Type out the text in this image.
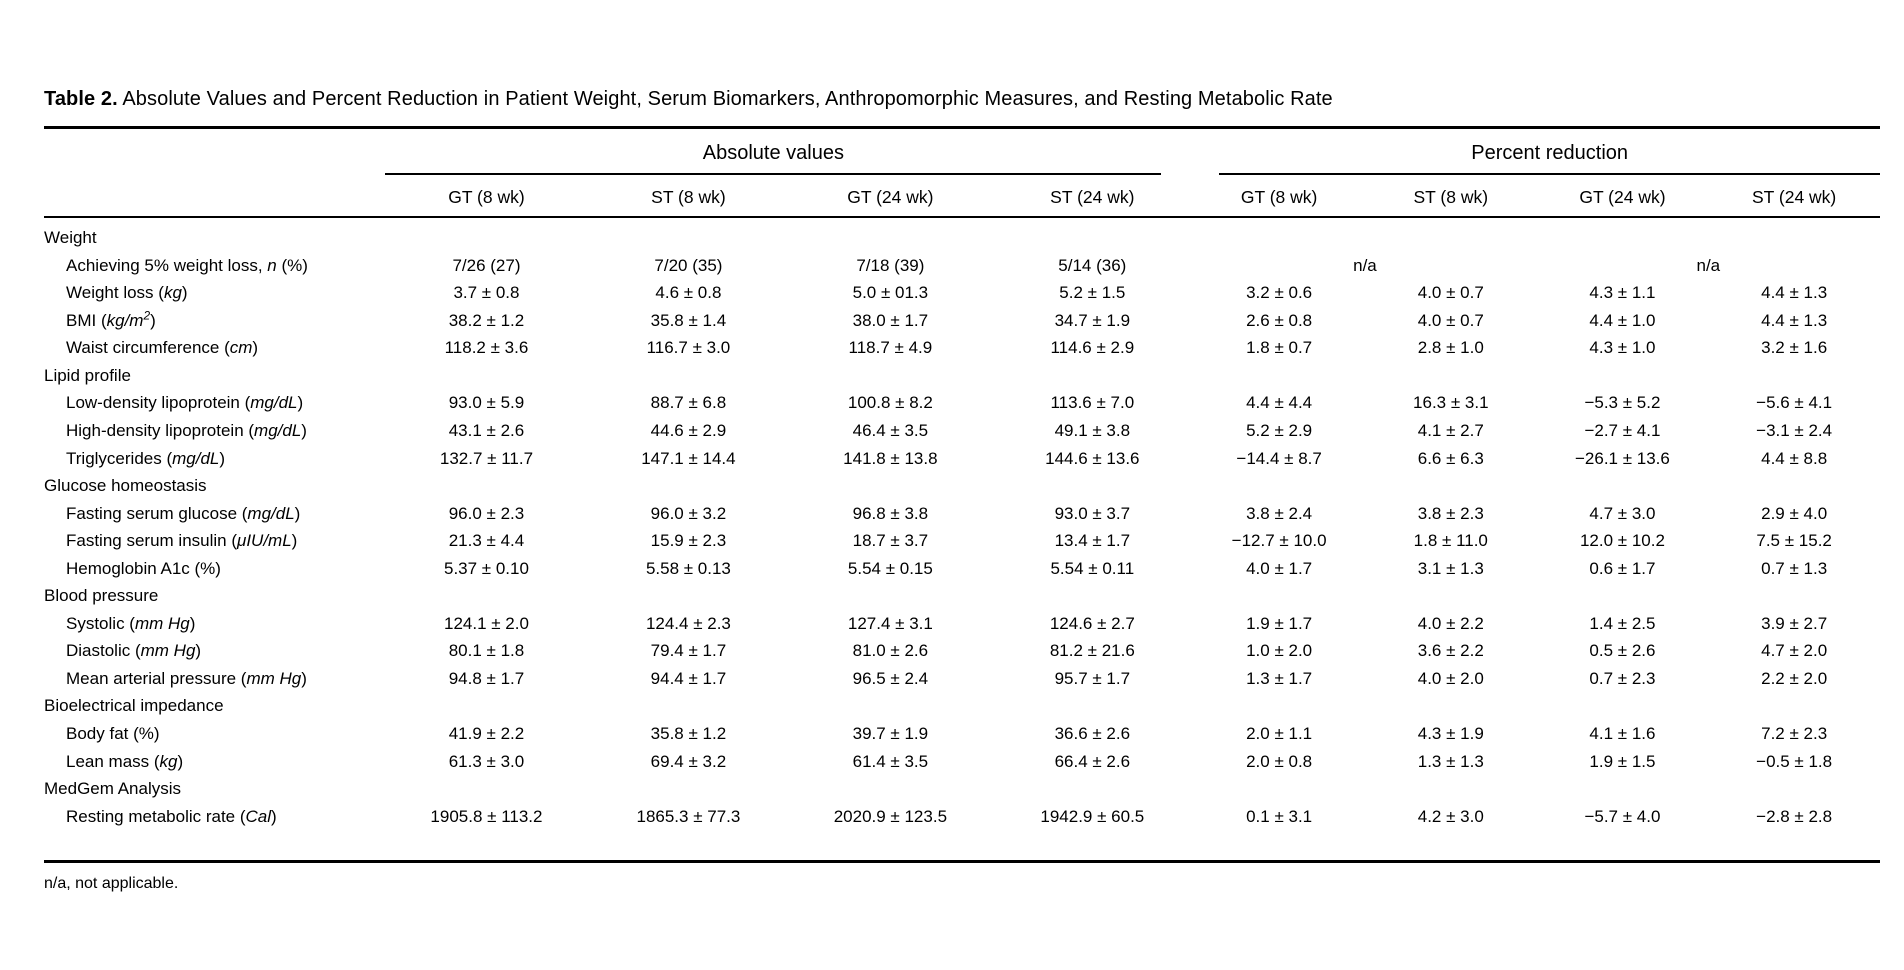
Table 2. Absolute Values and Percent Reduction in Patient Weight, Serum Biomarkers, Anthropomorphic Measures, and Resting Metabolic Rate

	Absolute values				Percent reduction			

	GT (8 wk)	ST (8 wk)	GT (24 wk)	ST (24 wk)	GT (8 wk)	ST (8 wk)	GT (24 wk)	ST (24 wk)
Weight								
Achieving 5% weight loss, n (%)	7/26 (27)	7/20 (35)	7/18 (39)	5/14 (36)	n/a		n/a	
Weight loss (kg)	3.7 ± 0.8	4.6 ± 0.8	5.0 ± 01.3	5.2 ± 1.5	3.2 ± 0.6	4.0 ± 0.7	4.3 ± 1.1	4.4 ± 1.3
BMI $(kg/m^2)$	38.2 ± 1.2	35.8 ± 1.4	38.0 ± 1.7	34.7 ± 1.9	2.6 ± 0.8	4.0 ± 0.7	4.4 ± 1.0	4.4 ± 1.3
Waist circumference (cm)	118.2 ± 3.6	116.7 ± 3.0	118.7 ± 4.9	114.6 ± 2.9	1.8 ± 0.7	2.8 ± 1.0	4.3 ± 1.0	3.2 ± 1.6
Lipid profile								
Low-density lipoprotein (mg/dL)	93.0 ± 5.9	88.7 ± 6.8	100.8 ± 8.2	113.6 ± 7.0	4.4 ± 4.4	16.3 ± 3.1	−5.3 ± 5.2	−5.6 ± 4.1
High-density lipoprotein (mg/dL)	43.1 ± 2.6	44.6 ± 2.9	46.4 ± 3.5	49.1 ± 3.8	5.2 ± 2.9	4.1 ± 2.7	−2.7 ± 4.1	−3.1 ± 2.4
Triglycerides (mg/dL)	132.7 ± 11.7	147.1 ± 14.4	141.8 ± 13.8	144.6 ± 13.6	−14.4 ± 8.7	6.6 ± 6.3	−26.1 ± 13.6	4.4 ± 8.8
Glucose homeostasis								
Fasting serum glucose (mg/dL)	96.0 ± 2.3	96.0 ± 3.2	96.8 ± 3.8	93.0 ± 3.7	3.8 ± 2.4	3.8 ± 2.3	4.7 ± 3.0	2.9 ± 4.0
Fasting serum insulin (μIU/mL)	21.3 ± 4.4	15.9 ± 2.3	18.7 ± 3.7	13.4 ± 1.7	−12.7 ± 10.0	1.8 ± 11.0	12.0 ± 10.2	7.5 ± 15.2
Hemoglobin A1c (%)	5.37 ± 0.10	5.58 ± 0.13	5.54 ± 0.15	5.54 ± 0.11	4.0 ± 1.7	3.1 ± 1.3	0.6 ± 1.7	0.7 ± 1.3
Blood pressure								
Systolic (mm Hg)	124.1 ± 2.0	124.4 ± 2.3	127.4 ± 3.1	124.6 ± 2.7	1.9 ± 1.7	4.0 ± 2.2	1.4 ± 2.5	3.9 ± 2.7
Diastolic (mm Hg)	80.1 ± 1.8	79.4 ± 1.7	81.0 ± 2.6	81.2 ± 21.6	1.0 ± 2.0	3.6 ± 2.2	0.5 ± 2.6	4.7 ± 2.0
Mean arterial pressure (mm Hg)	94.8 ± 1.7	94.4 ± 1.7	96.5 ± 2.4	95.7 ± 1.7	1.3 ± 1.7	4.0 ± 2.0	0.7 ± 2.3	2.2 ± 2.0
Bioelectrical impedance								
Body fat (%)	41.9 ± 2.2	35.8 ± 1.2	39.7 ± 1.9	36.6 ± 2.6	2.0 ± 1.1	4.3 ± 1.9	4.1 ± 1.6	7.2 ± 2.3
Lean mass (kg)	61.3 ± 3.0	69.4 ± 3.2	61.4 ± 3.5	66.4 ± 2.6	2.0 ± 0.8	1.3 ± 1.3	1.9 ± 1.5	−0.5 ± 1.8
MedGem Analysis								
Resting metabolic rate (Cal)	1905.8 ± 113.2	1865.3 ± 77.3	2020.9 ± 123.5	1942.9 ± 60.5	0.1 ± 3.1	4.2 ± 3.0	−5.7 ± 4.0	−2.8 ± 2.8
n/a, not applicable.
